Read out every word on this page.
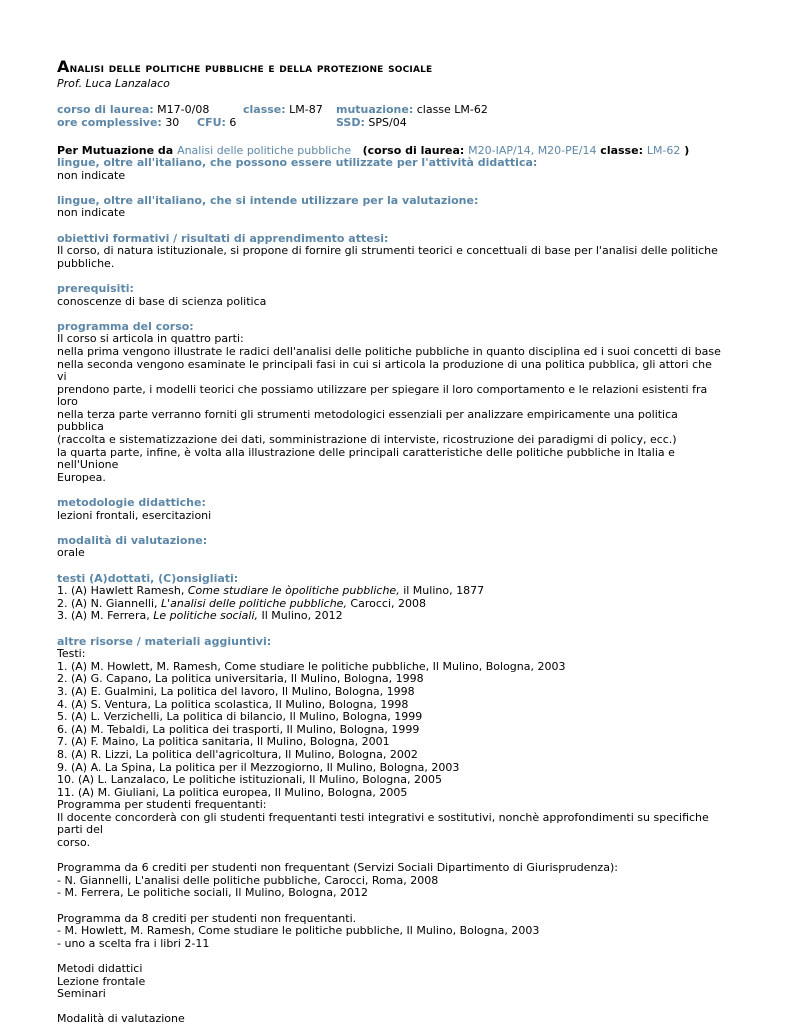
Analisi delle politiche pubbliche e della protezione sociale
Prof. Luca Lanzalaco
corso di laurea: M17-0/08	classe: LM-87 mutuazione: classe LM-62
ore complessive: 30 CFU: 6	SSD: SPS/04
Per Mutuazione da Analisi delle politiche pubbliche (corso di laurea: M20-IAP/14, M20-PE/14 classe: LM-62 )

lingue, oltre all'italiano, che possono essere utilizzate per l'attività didattica:

non indicate

lingue, oltre all'italiano, che si intende utilizzare per la valutazione:

non indicate

obiettivi formativi / risultati di apprendimento attesi:

Il corso, di natura istituzionale, si propone di fornire gli strumenti teorici e concettuali di base per l'analisi delle politiche
pubbliche.

prerequisiti:

conoscenze di base di scienza politica

programma del corso:

Il corso si articola in quattro parti:
nella prima vengono illustrate le radici dell'analisi delle politiche pubbliche in quanto disciplina ed i suoi concetti di base
nella seconda vengono esaminate le principali fasi in cui si articola la produzione di una politica pubblica, gli attori che vi
prendono parte, i modelli teorici che possiamo utilizzare per spiegare il loro comportamento e le relazioni esistenti fra loro
nella terza parte verranno forniti gli strumenti metodologici essenziali per analizzare empiricamente una politica pubblica
(raccolta e sistematizzazione dei dati, somministrazione di interviste, ricostruzione dei paradigmi di policy, ecc.)
la quarta parte, infine, è volta alla illustrazione delle principali caratteristiche delle politiche pubbliche in Italia e nell'Unione
Europea.

metodologie didattiche:

lezioni frontali, esercitazioni

modalità di valutazione:

orale

testi (A)dottati, (C)onsigliati:

1. (A) Hawlett Ramesh, Come studiare le òpolitiche pubbliche, il Mulino, 1877
2. (A) N. Giannelli, L'analisi delle politiche pubbliche, Carocci, 2008
3. (A) M. Ferrera, Le politiche sociali, Il Mulino, 2012

altre risorse / materiali aggiuntivi:

Testi:
1. (A) M. Howlett, M. Ramesh, Come studiare le politiche pubbliche, Il Mulino, Bologna, 2003
2. (A) G. Capano, La politica universitaria, Il Mulino, Bologna, 1998
3. (A) E. Gualmini, La politica del lavoro, Il Mulino, Bologna, 1998
4. (A) S. Ventura, La politica scolastica, Il Mulino, Bologna, 1998
5. (A) L. Verzichelli, La politica di bilancio, Il Mulino, Bologna, 1999
6. (A) M. Tebaldi, La politica dei trasporti, Il Mulino, Bologna, 1999
7. (A) F. Maino, La politica sanitaria, Il Mulino, Bologna, 2001
8. (A) R. Lizzi, La politica dell'agricoltura, Il Mulino, Bologna, 2002
9. (A) A. La Spina, La politica per il Mezzogiorno, Il Mulino, Bologna, 2003
10. (A) L. Lanzalaco, Le politiche istituzionali, Il Mulino, Bologna, 2005
11. (A) M. Giuliani, La politica europea, Il Mulino, Bologna, 2005
Programma per studenti frequentanti:
Il docente concorderà con gli studenti frequentanti testi integrativi e sostitutivi, nonchè approfondimenti su specifiche parti del
corso.
Programma da 6 crediti per studenti non frequentant (Servizi Sociali Dipartimento di Giurisprudenza):
- N. Giannelli, L'analisi delle politiche pubbliche, Carocci, Roma, 2008
- M. Ferrera, Le politiche sociali, Il Mulino, Bologna, 2012
Programma da 8 crediti per studenti non frequentanti.
- M. Howlett, M. Ramesh, Come studiare le politiche pubbliche, Il Mulino, Bologna, 2003
- uno a scelta fra i libri 2-11
Metodi didattici
Lezione frontale
Seminari
Modalità di valutazione
